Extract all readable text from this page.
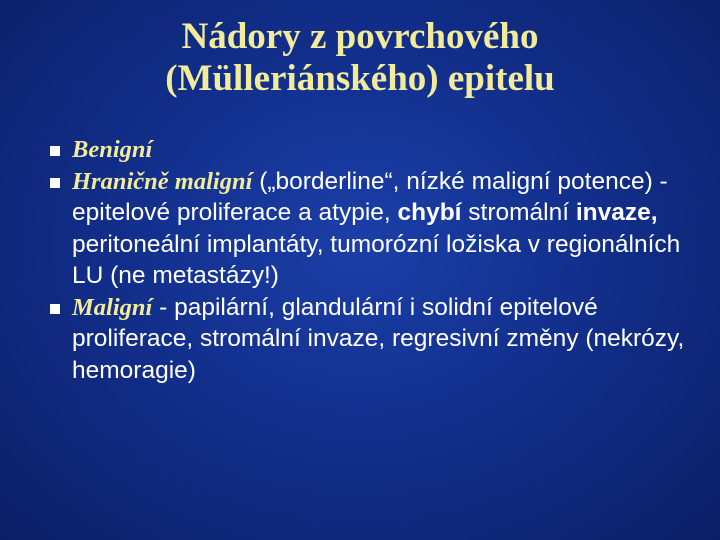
Nádory z povrchového
(Mülleriánského) epitelu
Benigní
Hraničně maligní („borderline“, nízké maligní potence) - epitelové proliferace a atypie, chybí stromální invaze, peritoneální implantáty, tumorózní ložiska v regionálních LU (ne metastázy!)
Maligní - papilární, glandulární i solidní epitelové proliferace, stromální invaze, regresivní změny (nekrózy, hemoragie)
